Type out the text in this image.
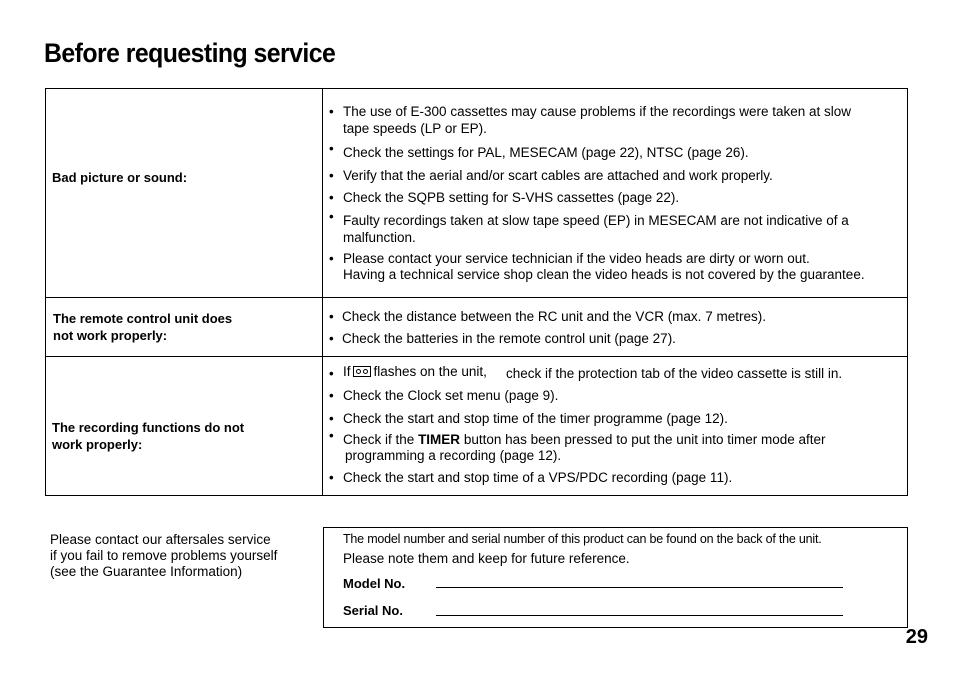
Before requesting service
Bad picture or sound:
• The use of E-300 cassettes may cause problems if the recordings were taken at slow
tape speeds (LP or EP).
• Check the settings for PAL, MESECAM (page 22), NTSC (page 26).
• Verify that the aerial and/or scart cables are attached and work properly.
• Check the SQPB setting for S-VHS cassettes (page 22).
• Faulty recordings taken at slow tape speed (EP) in MESECAM are not indicative of a
malfunction.
• Please contact your service technician if the video heads are dirty or worn out.
Having a technical service shop clean the video heads is not covered by the guarantee.
The remote control unit does
not work properly:
• Check the distance between the RC unit and the VCR (max. 7 metres).
• Check the batteries in the remote control unit (page 27).
The recording functions do not
work properly:
• If flashes on the unit, check if the protection tab of the video cassette is still in.
• Check the Clock set menu (page 9).
• Check the start and stop time of the timer programme (page 12).
• Check if the TIMER button has been pressed to put the unit into timer mode after
programming a recording (page 12).
• Check the start and stop time of a VPS/PDC recording (page 11).
Please contact our aftersales service
if you fail to remove problems yourself
(see the Guarantee Information)
The model number and serial number of this product can be found on the back of the unit.
Please note them and keep for future reference.
Model No.
Serial No.
29
